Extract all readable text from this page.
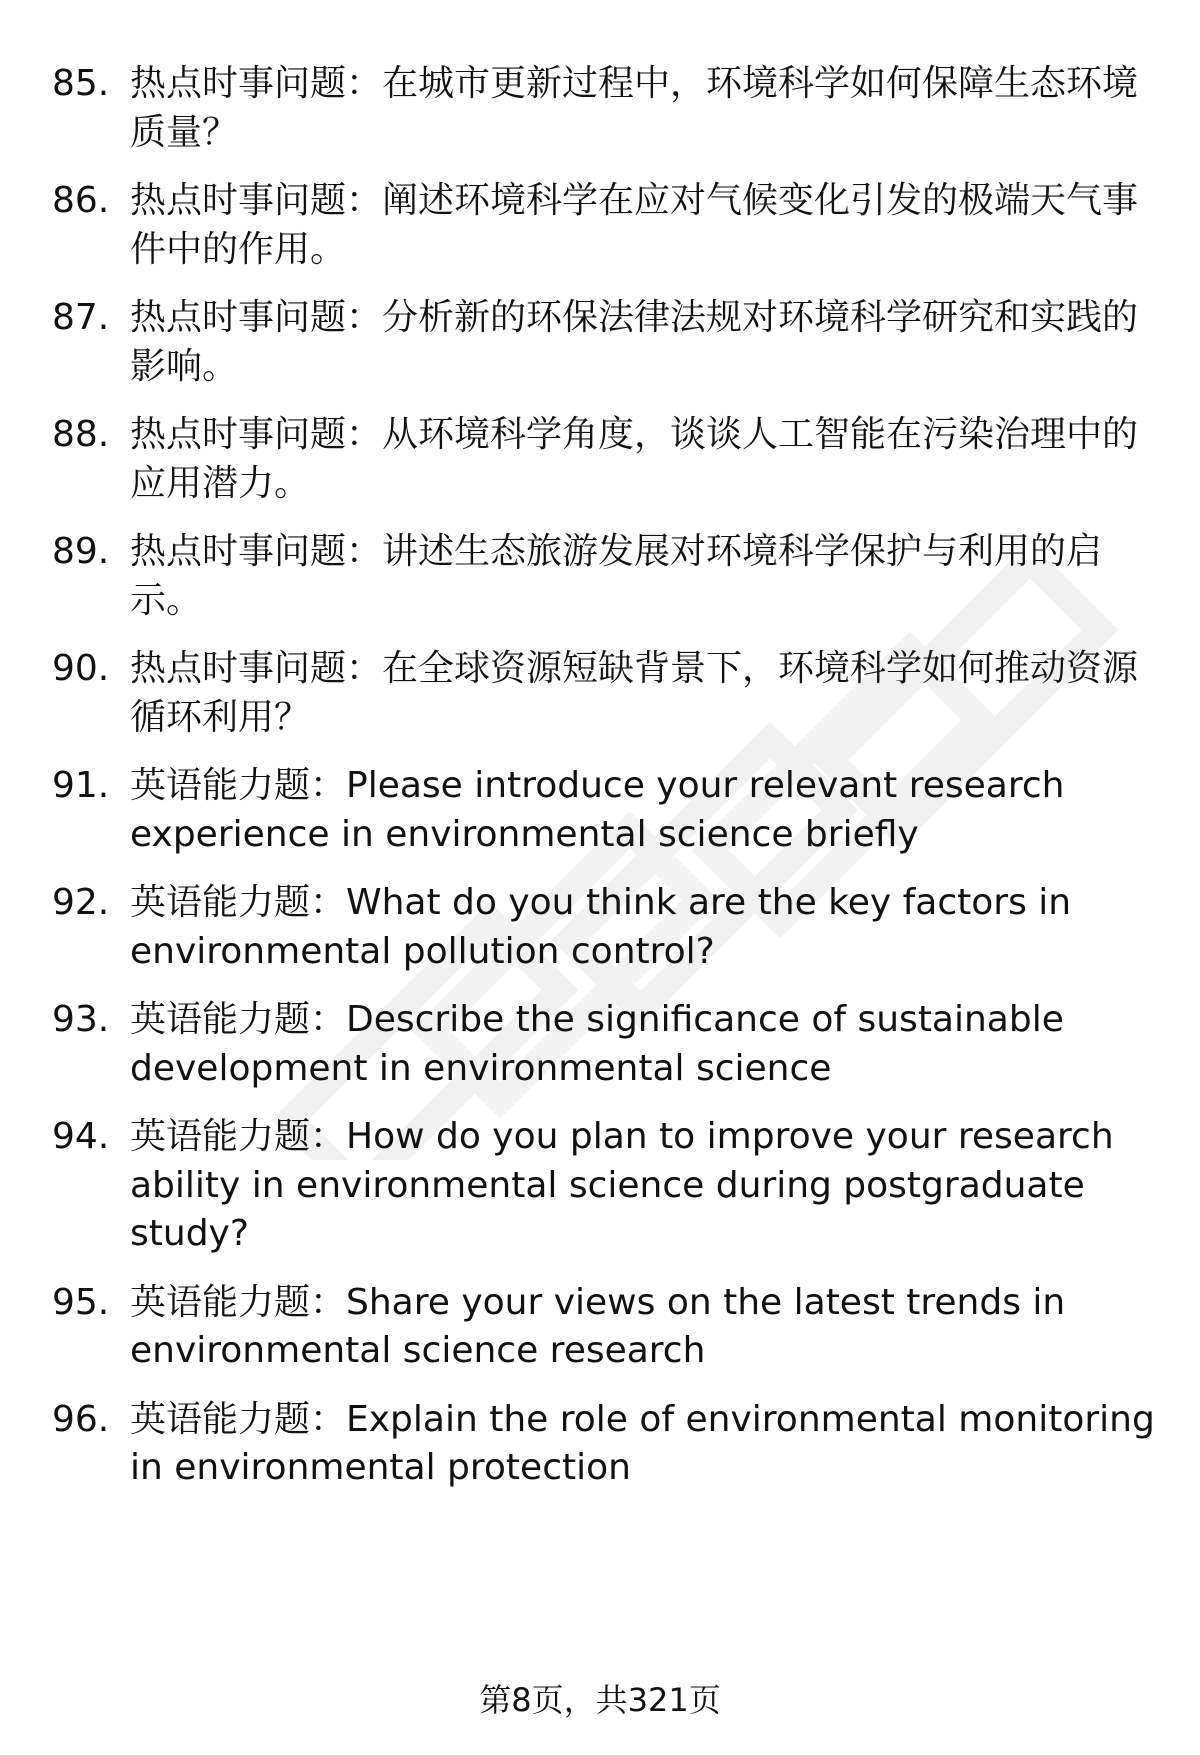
85. 热点时事问题：在城市更新过程中，环境科学如何保障生态环境质量？
86. 热点时事问题：阐述环境科学在应对气候变化引发的极端天气事件中的作用。
87. 热点时事问题：分析新的环保法律法规对环境科学研究和实践的影响。
88. 热点时事问题：从环境科学角度，谈谈人工智能在污染治理中的应用潜力。
89. 热点时事问题：讲述生态旅游发展对环境科学保护与利用的启示。
90. 热点时事问题：在全球资源短缺背景下，环境科学如何推动资源循环利用？
91. 英语能力题：Please introduce your relevant research experience in environmental science briefly
92. 英语能力题：What do you think are the key factors in environmental pollution control?
93. 英语能力题：Describe the significance of sustainable development in environmental science
94. 英语能力题：How do you plan to improve your research ability in environmental science during postgraduate study?
95. 英语能力题：Share your views on the latest trends in environmental science research
96. 英语能力题：Explain the role of environmental monitoring in environmental protection
第8页，共321页
